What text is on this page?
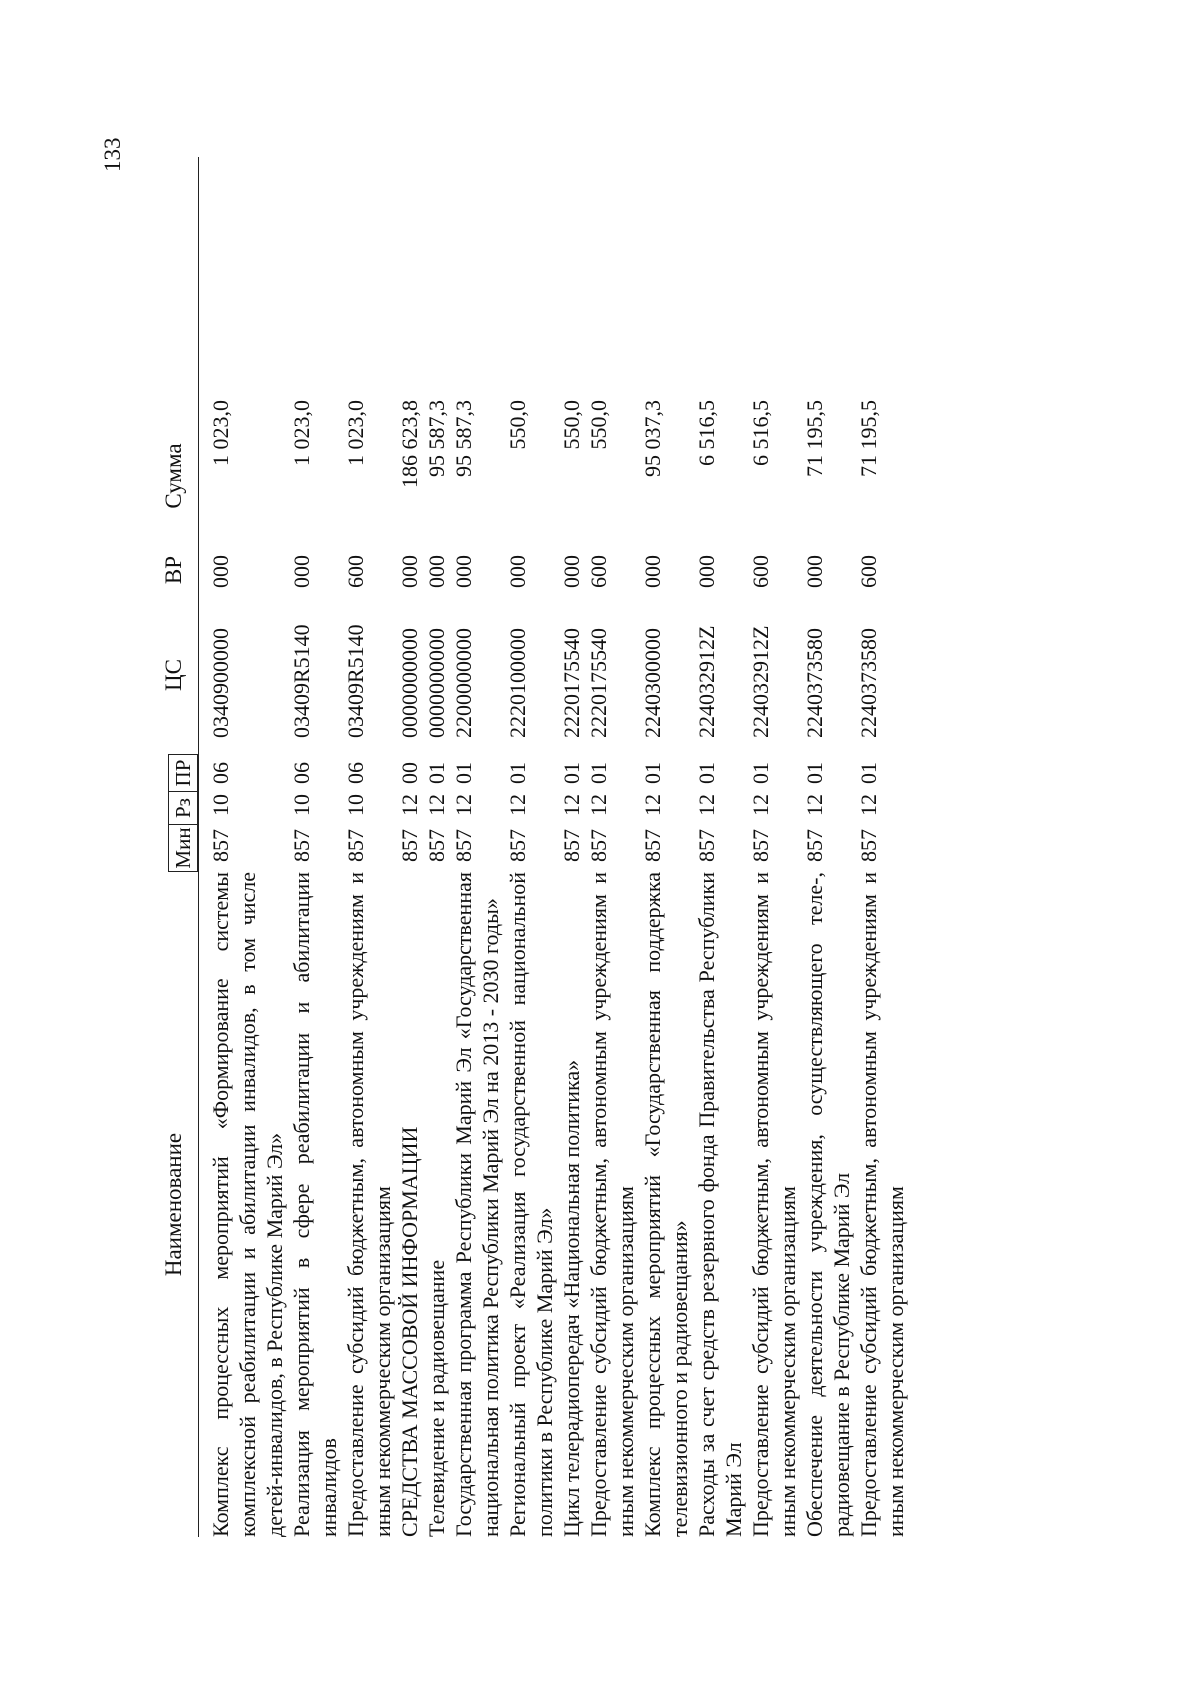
133
Наименование
Мин
Рз
ПР
ЦС
ВР
Сумма
Комплекс процессных мероприятий «Формирование системы комплексной реабилитации и абилитации инвалидов, в том числе детей-инвалидов, в Республике Марий Эл»
857
10
06
0340900000
000
1 023,0
Реализация мероприятий в сфере реабилитации и абилитации инвалидов
857
10
06
03409R5140
000
1 023,0
Предоставление субсидий бюджетным, автономным учреждениям и иным некоммерческим организациям
857
10
06
03409R5140
600
1 023,0
СРЕДСТВА МАССОВОЙ ИНФОРМАЦИИ
857
12
00
0000000000
000
186 623,8
Телевидение и радиовещание
857
12
01
0000000000
000
95 587,3
Государственная программа Республики Марий Эл «Государственная национальная политика Республики Марий Эл на 2013 - 2030 годы»
857
12
01
2200000000
000
95 587,3
Региональный проект «Реализация государственной национальной политики в Республике Марий Эл»
857
12
01
2220100000
000
550,0
Цикл телерадиопередач «Национальная политика»
857
12
01
2220175540
000
550,0
Предоставление субсидий бюджетным, автономным учреждениям и иным некоммерческим организациям
857
12
01
2220175540
600
550,0
Комплекс процессных мероприятий «Государственная поддержка телевизионного и радиовещания»
857
12
01
2240300000
000
95 037,3
Расходы за счет средств резервного фонда Правительства Республики Марий Эл
857
12
01
224032912Z
000
6 516,5
Предоставление субсидий бюджетным, автономным учреждениям и иным некоммерческим организациям
857
12
01
224032912Z
600
6 516,5
Обеспечение деятельности учреждения, осуществляющего теле-, радиовещание в Республике Марий Эл
857
12
01
2240373580
000
71 195,5
Предоставление субсидий бюджетным, автономным учреждениям и иным некоммерческим организациям
857
12
01
2240373580
600
71 195,5
